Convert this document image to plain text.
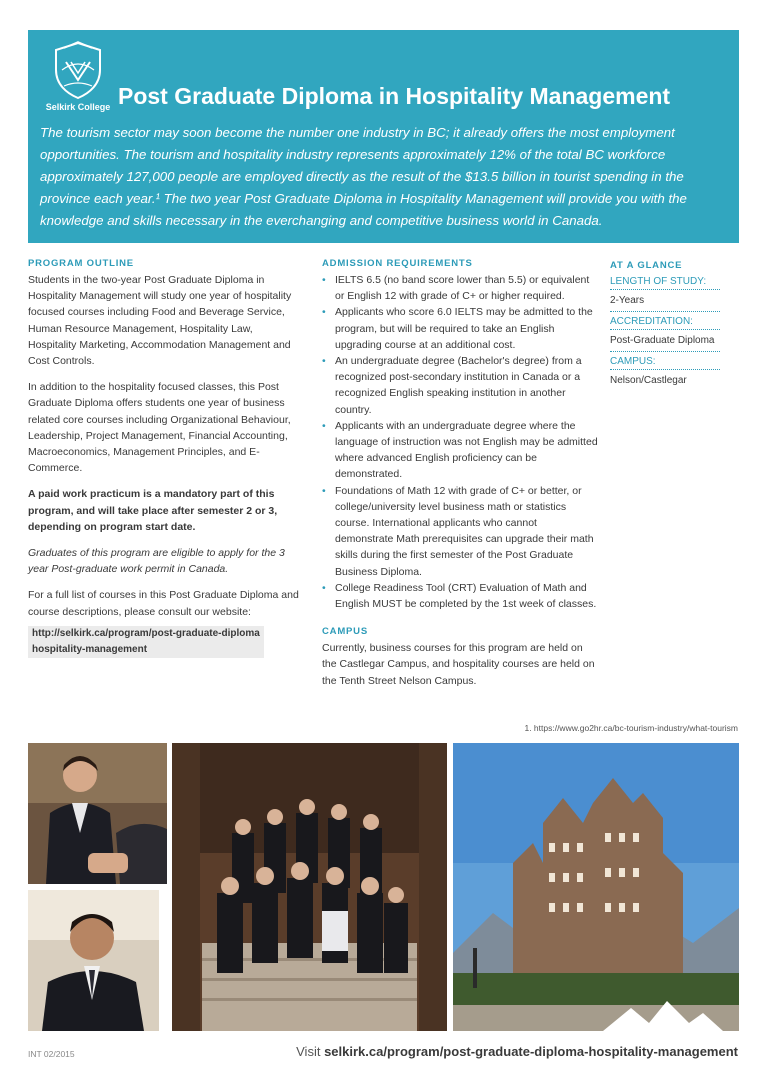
Selkirk College Post Graduate Diploma in Hospitality Management
The tourism sector may soon become the number one industry in BC; it already offers the most employment opportunities. The tourism and hospitality industry represents approximately 12% of the total BC workforce approximately 127,000 people are employed directly as the result of the $13.5 billion in tourist spending in the province each year.¹ The two year Post Graduate Diploma in Hospitality Management will provide you with the knowledge and skills necessary in the everchanging and competitive business world in Canada.
PROGRAM OUTLINE
Students in the two-year Post Graduate Diploma in Hospitality Management will study one year of hospitality focused courses including Food and Beverage Service, Human Resource Management, Hospitality Law, Hospitality Marketing, Accommodation Management and Cost Controls.
In addition to the hospitality focused classes, this Post Graduate Diploma offers students one year of business related core courses including Organizational Behaviour, Leadership, Project Management, Financial Accounting, Macroeconomics, Management Principles, and E-Commerce.
A paid work practicum is a mandatory part of this program, and will take place after semester 2 or 3, depending on program start date.
Graduates of this program are eligible to apply for the 3 year Post-graduate work permit in Canada.
For a full list of courses in this Post Graduate Diploma and course descriptions, please consult our website:
http://selkirk.ca/program/post-graduate-diploma
hospitality-management
ADMISSION REQUIREMENTS
• IELTS 6.5 (no band score lower than 5.5) or equivalent or English 12 with grade of C+ or higher required.
• Applicants who score 6.0 IELTS may be admitted to the program, but will be required to take an English upgrading course at an additional cost.
• An undergraduate degree (Bachelor's degree) from a recognized post-secondary institution in Canada or a recognized English speaking institution in another country.
• Applicants with an undergraduate degree where the language of instruction was not English may be admitted where advanced English proficiency can be demonstrated.
• Foundations of Math 12 with grade of C+ or better, or college/university level business math or statistics course. International applicants who cannot demonstrate Math prerequisites can upgrade their math skills during the first semester of the Post Graduate Business Diploma.
• College Readiness Tool (CRT) Evaluation of Math and English MUST be completed by the 1st week of classes.
CAMPUS
Currently, business courses for this program are held on the Castlegar Campus, and hospitality courses are held on the Tenth Street Nelson Campus.
AT A GLANCE
LENGTH OF STUDY:
2-Years
ACCREDITATION:
Post-Graduate Diploma
CAMPUS:
Nelson/Castlegar
1. https://www.go2hr.ca/bc-tourism-industry/what-tourism
INT 02/2015	Visit selkirk.ca/program/post-graduate-diploma-hospitality-management
